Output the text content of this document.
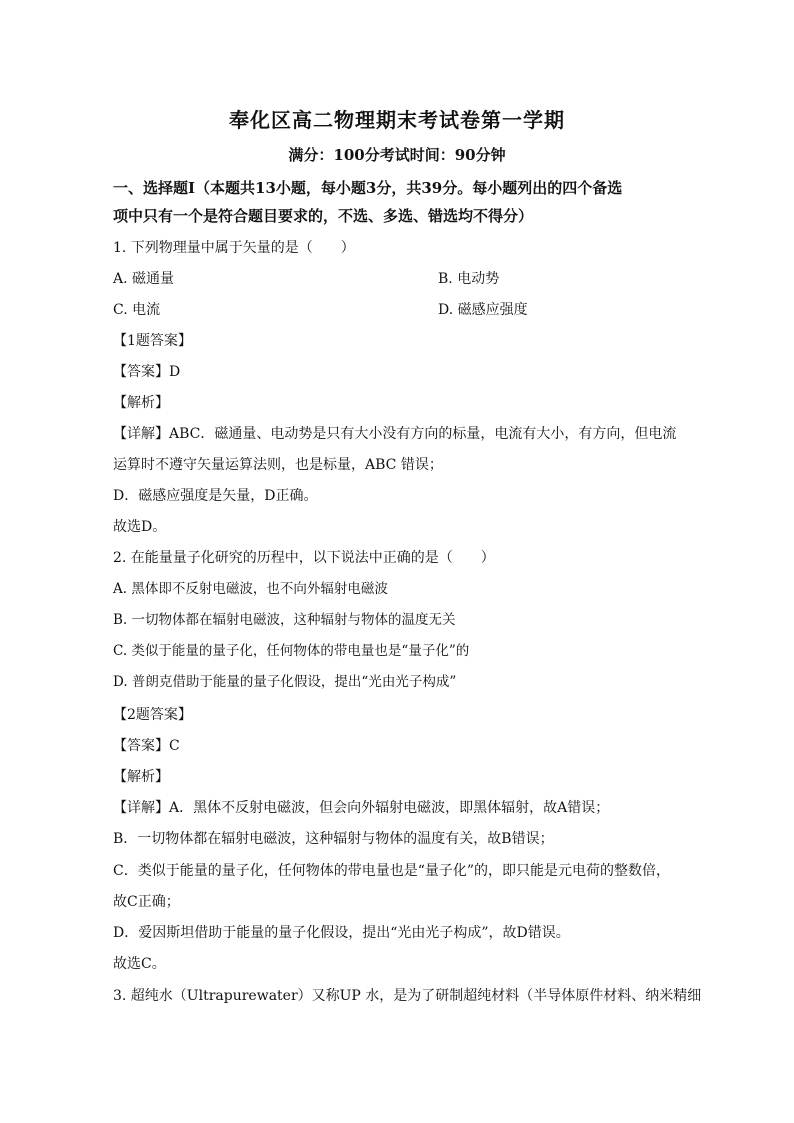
奉化区高二物理期末考试卷第一学期
满分：100分考试时间：90分钟
一、选择题Ⅰ（本题共13小题，每小题3分，共39分。每小题列出的四个备选
项中只有一个是符合题目要求的，不选、多选、错选均不得分）
1. 下列物理量中属于矢量的是（　　）
A. 磁通量	B. 电动势
C. 电流	D. 磁感应强度
【1题答案】
【答案】D
【解析】
【详解】ABC．磁通量、电动势是只有大小没有方向的标量，电流有大小，有方向，但电流
运算时不遵守矢量运算法则，也是标量，ABC 错误；
D．磁感应强度是矢量，D正确。
故选D。
2. 在能量量子化研究的历程中，以下说法中正确的是（　　）
A. 黑体即不反射电磁波，也不向外辐射电磁波
B. 一切物体都在辐射电磁波，这种辐射与物体的温度无关
C. 类似于能量的量子化，任何物体的带电量也是“量子化”的
D. 普朗克借助于能量的量子化假设，提出“光由光子构成”
【2题答案】
【答案】C
【解析】
【详解】A．黑体不反射电磁波，但会向外辐射电磁波，即黑体辐射，故A错误；
B．一切物体都在辐射电磁波，这种辐射与物体的温度有关，故B错误；
C．类似于能量的量子化，任何物体的带电量也是“量子化”的，即只能是元电荷的整数倍，
故C正确；
D．爱因斯坦借助于能量的量子化假设，提出“光由光子构成”，故D错误。
故选C。
3. 超纯水（Ultrapurewater）又称UP 水，是为了研制超纯材料（半导体原件材料、纳米精细
